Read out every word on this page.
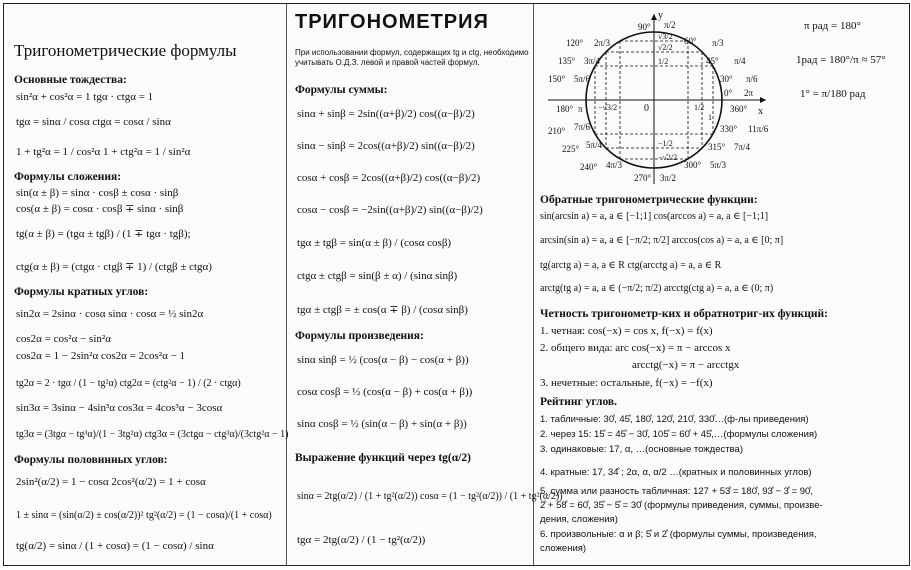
Тригонометрические формулы
Основные тождества:
sin²α + cos²α = 1 tgα · ctgα = 1
tgα = sinα / cosα ctgα = cosα / sinα
1 + tg²α = 1 / cos²α 1 + ctg²α = 1 / sin²α
Формулы сложения:
sin(α ± β) = sinα · cosβ ± cosα · sinβ
cos(α ± β) = cosα · cosβ ∓ sinα · sinβ
tg(α ± β) = (tgα ± tgβ) / (1 ∓ tgα · tgβ);
ctg(α ± β) = (ctgα · ctgβ ∓ 1) / (ctgβ ± ctgα)
Формулы кратных углов:
sin2α = 2sinα · cosα sinα · cosα = ½ sin2α
cos2α = cos²α − sin²α
cos2α = 1 − 2sin²α cos2α = 2cos²α − 1
tg2α = 2 · tgα / (1 − tg²α) ctg2α = (ctg²α − 1) / (2 · ctgα)
sin3α = 3sinα − 4sin³α cos3α = 4cos³α − 3cosα
tg3α = (3tgα − tg³α)/(1 − 3tg²α) ctg3α = (3ctgα − ctg³α)/(3ctg²α − 1)
Формулы половинных углов:
2sin²(α/2) = 1 − cosα 2cos²(α/2) = 1 + cosα
1 ± sinα = (sin(α/2) ± cos(α/2))² tg²(α/2) = (1 − cosα)/(1 + cosα)
tg(α/2) = sinα / (1 + cosα) = (1 − cosα) / sinα
ТРИГОНОМЕТРИЯ
При использовании формул, содержащих tg и ctg, необходимо учитывать О.Д.З. левой и правой частей формул.
Формулы суммы:
sinα + sinβ = 2sin((α+β)/2) cos((α−β)/2)
sinα − sinβ = 2cos((α+β)/2) sin((α−β)/2)
cosα + cosβ = 2cos((α+β)/2) cos((α−β)/2)
cosα − cosβ = −2sin((α+β)/2) sin((α−β)/2)
tgα ± tgβ = sin(α ± β) / (cosα cosβ)
ctgα ± ctgβ = sin(β ± α) / (sinα sinβ)
tgα ± ctgβ = ± cos(α ∓ β) / (cosα sinβ)
Формулы произведения:
sinα sinβ = ½ (cos(α − β) − cos(α + β))
cosα cosβ = ½ (cos(α − β) + cos(α + β))
sinα cosβ = ½ (sin(α − β) + sin(α + β))
Выражение функций через tg(α/2)
sinα = 2tg(α/2) / (1 + tg²(α/2)) cosα = (1 − tg²(α/2)) / (1 + tg²(α/2))
tgα = 2tg(α/2) / (1 − tg²(α/2))
x
y
0
90° π/2
60° π/3
45° π/4
30° π/6
0° 2π
360°
330° 11π/6
315° 7π/4
300° 5π/3
270° 3π/2
240° 4π/3
225° 5π/4
210° 7π/6
180° π
150° 5π/6
135° 3π/4
120° 2π/3
1/2
√2/2
√3/2
1/2
1
−1/2
−√2/2
−√3/2
π рад = 180°
1рад = 180°/π ≈ 57°
1° = π/180 рад
Обратные тригонометрические функции:
sin(arcsin a) = a, a ∈ [−1;1] cos(arccos a) = a, a ∈ [−1;1]
arcsin(sin a) = a, a ∈ [−π/2; π/2] arccos(cos a) = a, a ∈ [0; π]
tg(arctg a) = a, a ∈ R ctg(arcctg a) = a, a ∈ R
arctg(tg a) = a, a ∈ (−π/2; π/2) arcctg(ctg a) = a, a ∈ (0; π)
Четность тригонометр-ких и обратнотриг-их функций:
1. четная: cos(−x) = cos x, f(−x) = f(x)
2. общего вида: arc cos(−x) = π − arccos x
arcctg(−x) = π − arcctgx
3. нечетные: остальные, f(−x) = −f(x)
Рейтинг углов.
1. табличные: 30̊, 45̊, 180̊, 120̊, 210̊, 330̊…(ф-лы приведения)
2. через 15: 15̊ = 45̊ − 30̊, 105̊ = 60̊ + 45̊,…(формулы сложения)
3. одинаковые: 17, α, …(основные тождества)
4. кратные: 17, 34̊ ; 2α, α, α/2 …(кратных и половинных углов)
5. сумма или разность табличная: 127 + 53̊ = 180̊, 93̊ − 3̊ = 90̊,
2̊ + 58̊ = 60̊, 35̊ − 5̊ = 30̊ (формулы приведения, суммы, произве-
дения, сложения)
6. произвольные: α и β; 5̊ и 2̊ (формулы суммы, произведения,
сложения)
